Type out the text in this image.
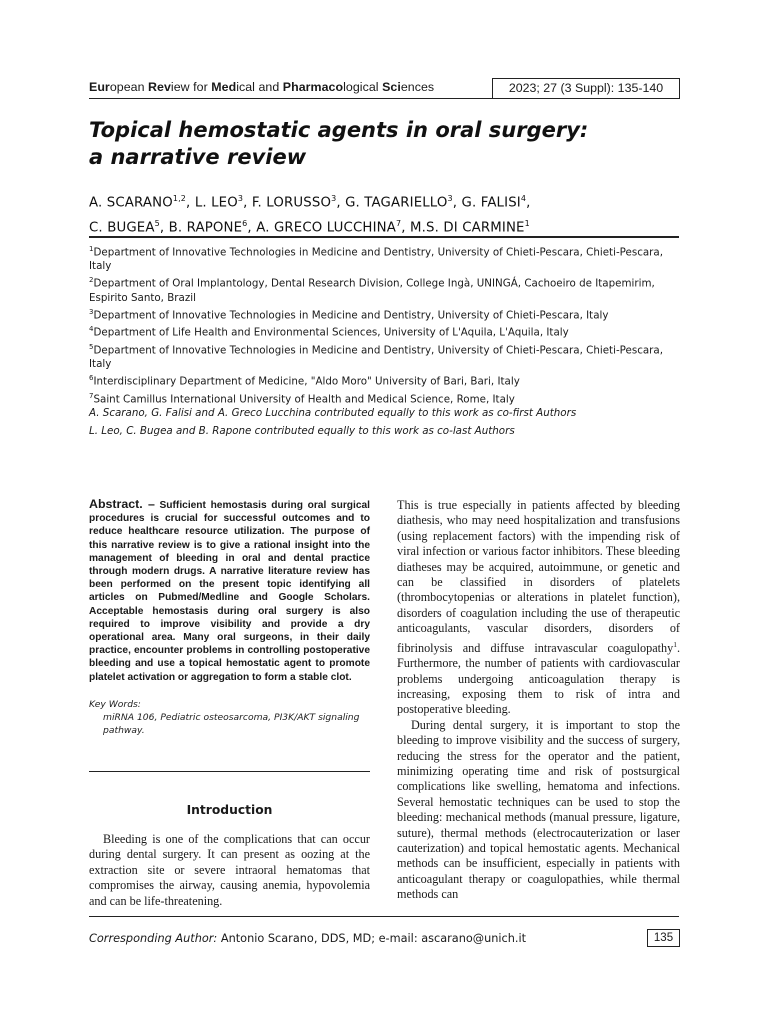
European Review for Medical and Pharmacological Sciences	2023; 27 (3 Suppl): 135-140
Topical hemostatic agents in oral surgery:
a narrative review
A. SCARANO$^{1,2}$, L. LEO$^3$, F. LORUSSO$^3$, G. TAGARIELLO$^3$, G. FALISI$^4$,
C. BUGEA$^5$, B. RAPONE$^6$, A. GRECO LUCCHINA$^7$, M.S. DI CARMINE$^1$
$^1$Department of Innovative Technologies in Medicine and Dentistry, University of Chieti-Pescara, Chieti-Pescara, Italy
$^2$Department of Oral Implantology, Dental Research Division, College Ingà, UNINGÁ, Cachoeiro de Itapemirim, Espirito Santo, Brazil
$^3$Department of Innovative Technologies in Medicine and Dentistry, University of Chieti-Pescara, Italy
$^4$Department of Life Health and Environmental Sciences, University of L'Aquila, L'Aquila, Italy
$^5$Department of Innovative Technologies in Medicine and Dentistry, University of Chieti-Pescara, Chieti-Pescara, Italy
$^6$Interdisciplinary Department of Medicine, "Aldo Moro" University of Bari, Bari, Italy
$^7$Saint Camillus International University of Health and Medical Science, Rome, Italy
A. Scarano, G. Falisi and A. Greco Lucchina contributed equally to this work as co-first Authors
L. Leo, C. Bugea and B. Rapone contributed equally to this work as co-last Authors

Abstract. – Sufficient hemostasis during oral surgical procedures is crucial for successful outcomes and to reduce healthcare resource utilization. The purpose of this narrative review is to give a rational insight into the management of bleeding in oral and dental practice through modern drugs. A narrative literature review has been performed on the present topic identifying all articles on Pubmed/Medline and Google Scholars. Acceptable hemostasis during oral surgery is also required to improve visibility and provide a dry operational area. Many oral surgeons, in their daily practice, encounter problems in controlling postoperative bleeding and use a topical hemostatic agent to promote platelet activation or aggregation to form a stable clot.

Key Words:
miRNA 106, Pediatric osteosarcoma, PI3K/AKT signaling pathway.
Introduction

Bleeding is one of the complications that can occur during dental surgery. It can present as oozing at the extraction site or severe intraoral hematomas that compromises the airway, causing anemia, hypovolemia and can be life-threatening.

This is true especially in patients affected by bleeding diathesis, who may need hospitalization and transfusions (using replacement factors) with the impending risk of viral infection or various factor inhibitors. These bleeding diatheses may be acquired, autoimmune, or genetic and can be classified in disorders of platelets (thrombocytopenias or alterations in platelet function), disorders of coagulation including the use of therapeutic anticoagulants, vascular disorders, disorders of fibrinolysis and diffuse intravascular coagulopathy$^1$. Furthermore, the number of patients with cardiovascular problems undergoing anticoagulation therapy is increasing, exposing them to risk of intra and postoperative bleeding.

During dental surgery, it is important to stop the bleeding to improve visibility and the success of surgery, reducing the stress for the operator and the patient, minimizing operating time and risk of postsurgical complications like swelling, hematoma and infections. Several hemostatic techniques can be used to stop the bleeding: mechanical methods (manual pressure, ligature, suture), thermal methods (electrocauterization or laser cauterization) and topical hemostatic agents. Mechanical methods can be insufficient, especially in patients with anticoagulant therapy or coagulopathies, while thermal methods can

Corresponding Author: Antonio Scarano, DDS, MD; e-mail: ascarano@unich.it	135
